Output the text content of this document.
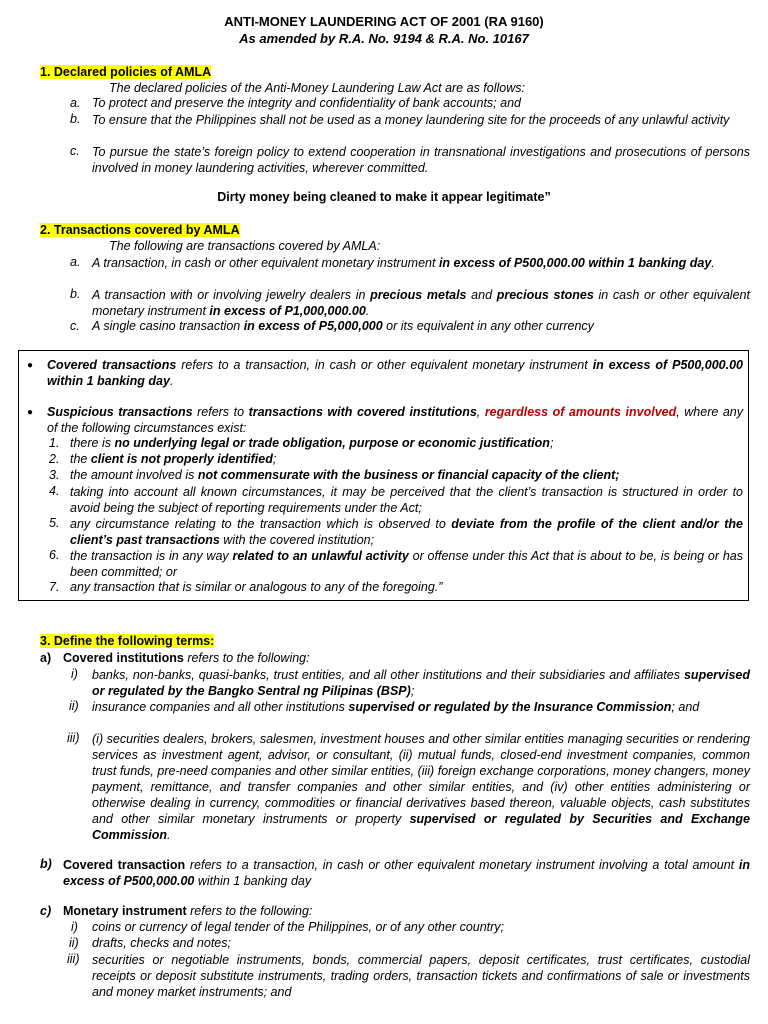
ANTI-MONEY LAUNDERING ACT OF 2001 (RA 9160)
As amended by R.A. No. 9194 & R.A. No. 10167
1. Declared policies of AMLA
The declared policies of the Anti-Money Laundering Law Act are as follows:
a. To protect and preserve the integrity and confidentiality of bank accounts; and
b. To ensure that the Philippines shall not be used as a money laundering site for the proceeds of any unlawful activity
c. To pursue the state’s foreign policy to extend cooperation in transnational investigations and prosecutions of persons involved in money laundering activities, wherever committed.
Dirty money being cleaned to make it appear legitimate”
2. Transactions covered by AMLA
The following are transactions covered by AMLA:
a. A transaction, in cash or other equivalent monetary instrument in excess of P500,000.00 within 1 banking day.
b. A transaction with or involving jewelry dealers in precious metals and precious stones in cash or other equivalent monetary instrument in excess of P1,000,000.00.
c. A single casino transaction in excess of P5,000,000 or its equivalent in any other currency
● Covered transactions refers to a transaction, in cash or other equivalent monetary instrument in excess of P500,000.00 within 1 banking day.
● Suspicious transactions refers to transactions with covered institutions, regardless of amounts involved, where any of the following circumstances exist:
1. there is no underlying legal or trade obligation, purpose or economic justification;
2. the client is not properly identified;
3. the amount involved is not commensurate with the business or financial capacity of the client;
4. taking into account all known circumstances, it may be perceived that the client’s transaction is structured in order to avoid being the subject of reporting requirements under the Act;
5. any circumstance relating to the transaction which is observed to deviate from the profile of the client and/or the client’s past transactions with the covered institution;
6. the transaction is in any way related to an unlawful activity or offense under this Act that is about to be, is being or has been committed; or
7. any transaction that is similar or analogous to any of the foregoing.”
3. Define the following terms:
a) Covered institutions refers to the following:
i) banks, non-banks, quasi-banks, trust entities, and all other institutions and their subsidiaries and affiliates supervised or regulated by the Bangko Sentral ng Pilipinas (BSP);
ii) insurance companies and all other institutions supervised or regulated by the Insurance Commission; and
iii) (i) securities dealers, brokers, salesmen, investment houses and other similar entities managing securities or rendering services as investment agent, advisor, or consultant, (ii) mutual funds, closed-end investment companies, common trust funds, pre-need companies and other similar entities, (iii) foreign exchange corporations, money changers, money payment, remittance, and transfer companies and other similar entities, and (iv) other entities administering or otherwise dealing in currency, commodities or financial derivatives based thereon, valuable objects, cash substitutes and other similar monetary instruments or property supervised or regulated by Securities and Exchange Commission.
b) Covered transaction refers to a transaction, in cash or other equivalent monetary instrument involving a total amount in excess of P500,000.00 within 1 banking day
c) Monetary instrument refers to the following:
i) coins or currency of legal tender of the Philippines, or of any other country;
ii) drafts, checks and notes;
iii) securities or negotiable instruments, bonds, commercial papers, deposit certificates, trust certificates, custodial receipts or deposit substitute instruments, trading orders, transaction tickets and confirmations of sale or investments and money market instruments; and
